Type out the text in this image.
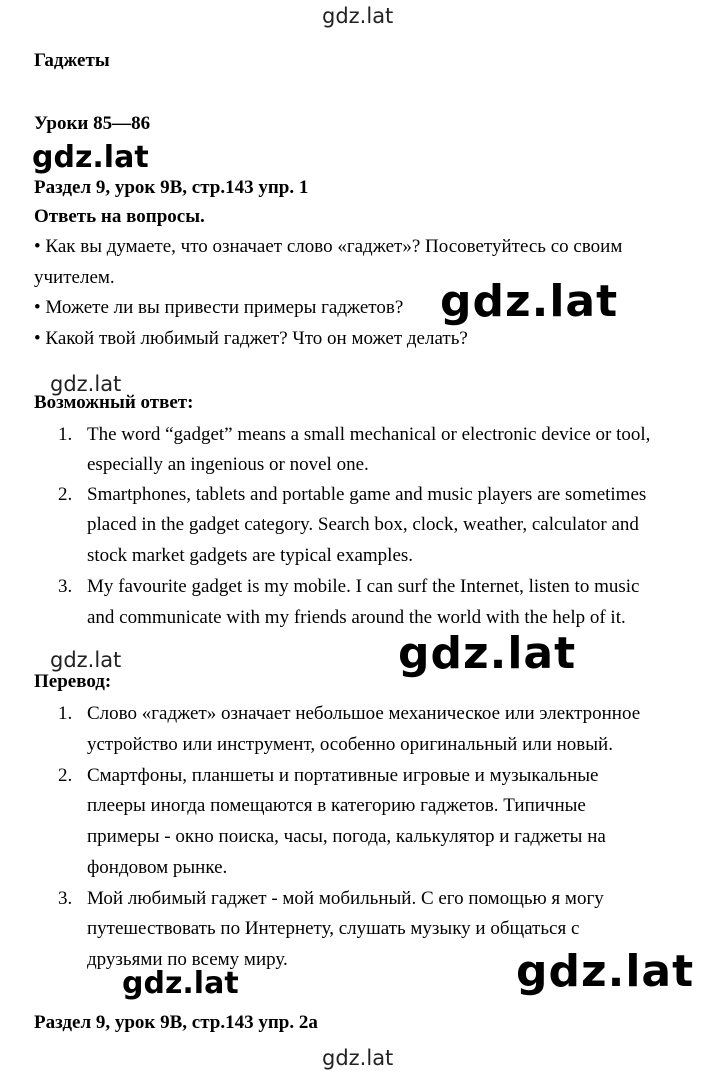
gdz.lat
gdz.lat
gdz.lat
gdz.lat
gdz.lat	gdz.lat
gdz.lat
gdz.lat
gdz.lat
Гаджеты
Уроки 85—86
Раздел 9, урок 9В, стр.143 упр. 1
Ответь на вопросы.
• Как вы думаете, что означает слово «гаджет»? Посоветуйтесь со своим
учителем.
• Можете ли вы привести примеры гаджетов?
• Какой твой любимый гаджет? Что он может делать?
Возможный ответ:
1. The word “gadget” means a small mechanical or electronic device or tool,
especially an ingenious or novel one.
2. Smartphones, tablets and portable game and music players are sometimes
placed in the gadget category. Search box, clock, weather, calculator and
stock market gadgets are typical examples.
3. My favourite gadget is my mobile. I can surf the Internet, listen to music
and communicate with my friends around the world with the help of it.
Перевод:
1. Слово «гаджет» означает небольшое механическое или электронное
устройство или инструмент, особенно оригинальный или новый.
2. Смартфоны, планшеты и портативные игровые и музыкальные
плееры иногда помещаются в категорию гаджетов. Типичные
примеры - окно поиска, часы, погода, калькулятор и гаджеты на
фондовом рынке.
3. Мой любимый гаджет - мой мобильный. С его помощью я могу
путешествовать по Интернету, слушать музыку и общаться с
друзьями по всему миру.
Раздел 9, урок 9В, стр.143 упр. 2а
